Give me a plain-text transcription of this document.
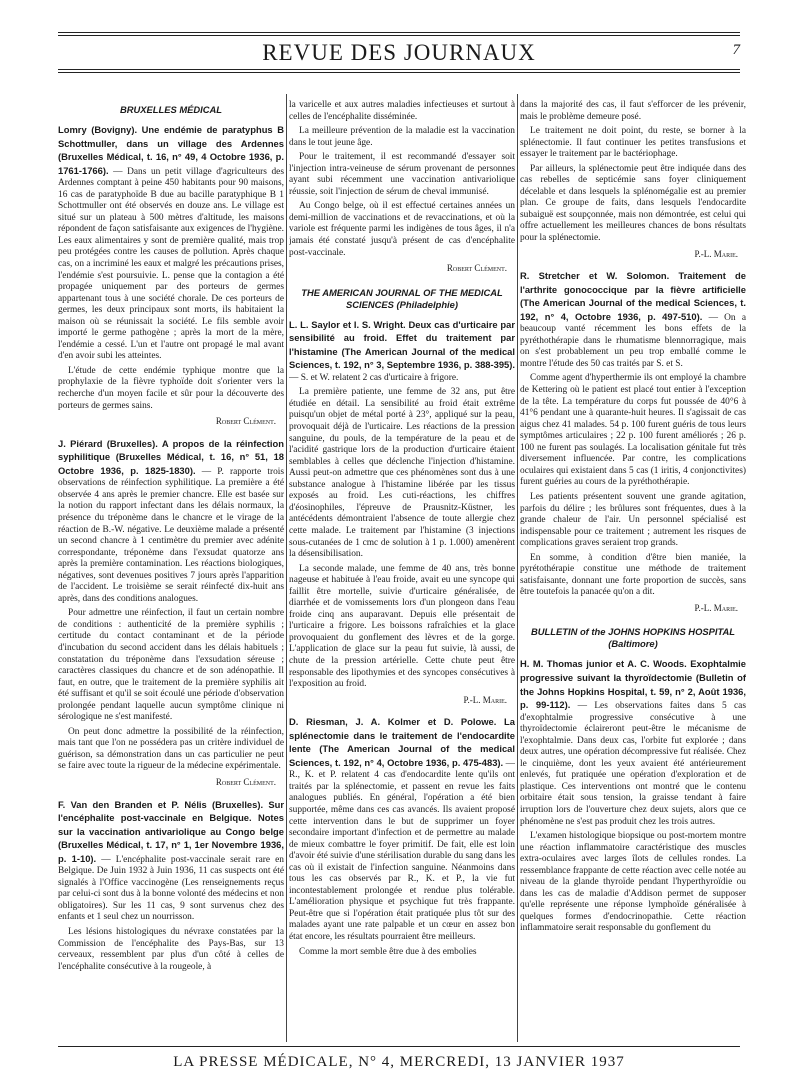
REVUE DES JOURNAUX	7
BRUXELLES MÉDICAL

Lomry (Bovigny). Une endémie de paratyphus B Schottmuller, dans un village des Ardennes (Bruxelles Médical, t. 16, n° 49, 4 Octobre 1936, p. 1761-1766). — Dans un petit village d'agriculteurs des Ardennes comptant à peine 450 habitants pour 90 maisons, 16 cas de paratyphoïde B due au bacille paratyphique B 1 Schottmuller ont été observés en douze ans. Le village est situé sur un plateau à 500 mètres d'altitude, les maisons répondent de façon satisfaisante aux exigences de l'hygiène. Les eaux alimentaires y sont de première qualité, mais trop peu protégées contre les causes de pollution. Après chaque cas, on a incriminé les eaux et malgré les précautions prises, l'endémie s'est poursuivie. L. pense que la contagion a été propagée uniquement par des porteurs de germes appartenant tous à une société chorale. De ces porteurs de germes, les deux principaux sont morts, ils habitaient la maison où se réunissait la société. Le fils semble avoir importé le germe pathogène ; après la mort de la mère, l'endémie a cessé. L'un et l'autre ont propagé le mal avant d'en avoir subi les atteintes.

L'étude de cette endémie typhique montre que la prophylaxie de la fièvre typhoïde doit s'orienter vers la recherche d'un moyen facile et sûr pour la découverte des porteurs de germes sains.

Robert Clément.

J. Piérard (Bruxelles). A propos de la réinfection syphilitique (Bruxelles Médical, t. 16, n° 51, 18 Octobre 1936, p. 1825-1830). — P. rapporte trois observations de réinfection syphilitique. La première a été observée 4 ans après le premier chancre. Elle est basée sur la notion du rapport infectant dans les délais normaux, la présence du tréponème dans le chancre et le virage de la réaction de B.-W. négative. Le deuxième malade a présenté un second chancre à 1 centimètre du premier avec adénite correspondante, tréponème dans l'exsudat quatorze ans après la première contamination. Les réactions biologiques, négatives, sont devenues positives 7 jours après l'apparition de l'accident. Le troisième se serait réinfecté dix-huit ans après, dans des conditions analogues.

Pour admettre une réinfection, il faut un certain nombre de conditions : authenticité de la première syphilis ; certitude du contact contaminant et de la période d'incubation du second accident dans les délais habituels ; constatation du tréponème dans l'exsudation séreuse ; caractères classiques du chancre et de son adénopathie. Il faut, en outre, que le traitement de la première syphilis ait été suffisant et qu'il se soit écoulé une période d'observation prolongée pendant laquelle aucun symptôme clinique ni sérologique ne s'est manifesté.

On peut donc admettre la possibilité de la réinfection, mais tant que l'on ne possédera pas un critère individuel de guérison, sa démonstration dans un cas particulier ne peut se faire avec toute la rigueur de la médecine expérimentale.

Robert Clément.

F. Van den Branden et P. Nélis (Bruxelles). Sur l'encéphalite post-vaccinale en Belgique. Notes sur la vaccination antivariolique au Congo belge (Bruxelles Médical, t. 17, n° 1, 1er Novembre 1936, p. 1-10). — L'encéphalite post-vaccinale serait rare en Belgique. De Juin 1932 à Juin 1936, 11 cas suspects ont été signalés à l'Office vaccinogène (Les renseignements reçus par celui-ci sont dus à la bonne volonté des médecins et non obligatoires). Sur les 11 cas, 9 sont survenus chez des enfants et 1 seul chez un nourrisson.

Les lésions histologiques du névraxe constatées par la Commission de l'encéphalite des Pays-Bas, sur 13 cerveaux, ressemblent par plus d'un côté à celles de l'encéphalite consécutive à la rougeole, à

la varicelle et aux autres maladies infectieuses et surtout à celles de l'encéphalite disséminée.

La meilleure prévention de la maladie est la vaccination dans le tout jeune âge.

Pour le traitement, il est recommandé d'essayer soit l'injection intra-veineuse de sérum provenant de personnes ayant subi récemment une vaccination antivariolique réussie, soit l'injection de sérum de cheval immunisé.

Au Congo belge, où il est effectué certaines années un demi-million de vaccinations et de revaccinations, et où la variole est fréquente parmi les indigènes de tous âges, il n'a jamais été constaté jusqu'à présent de cas d'encéphalite post-vaccinale.

Robert Clément.
THE AMERICAN JOURNAL OF THE MEDICAL SCIENCES (Philadelphie)

L. L. Saylor et I. S. Wright. Deux cas d'urticaire par sensibilité au froid. Effet du traitement par l'histamine (The American Journal of the medical Sciences, t. 192, n° 3, Septembre 1936, p. 388-395). — S. et W. relatent 2 cas d'urticaire à frigore.

La première patiente, une femme de 32 ans, put être étudiée en détail. La sensibilité au froid était extrême puisqu'un objet de métal porté à 23°, appliqué sur la peau, provoquait déjà de l'urticaire. Les réactions de la pression sanguine, du pouls, de la température de la peau et de l'acidité gastrique lors de la production d'urticaire étaient semblables à celles que déclenche l'injection d'histamine. Aussi peut-on admettre que ces phénomènes sont dus à une substance analogue à l'histamine libérée par les tissus exposés au froid. Les cuti-réactions, les chiffres d'éosinophiles, l'épreuve de Prausnitz-Küstner, les antécédents démontraient l'absence de toute allergie chez cette malade. Le traitement par l'histamine (3 injections sous-cutanées de 1 cmc de solution à 1 p. 1.000) amenèrent la désensibilisation.

La seconde malade, une femme de 40 ans, très bonne nageuse et habituée à l'eau froide, avait eu une syncope qui faillit être mortelle, suivie d'urticaire généralisée, de diarrhée et de vomissements lors d'un plongeon dans l'eau froide cinq ans auparavant. Depuis elle présentait de l'urticaire a frigore. Les boissons rafraîchies et la glace provoquaient du gonflement des lèvres et de la gorge. L'application de glace sur la peau fut suivie, là aussi, de chute de la pression artérielle. Cette chute peut être responsable des lipothymies et des syncopes consécutives à l'exposition au froid.

P.-L. Marie.

D. Riesman, J. A. Kolmer et D. Polowe. La splénectomie dans le traitement de l'endocardite lente (The American Journal of the medical Sciences, t. 192, n° 4, Octobre 1936, p. 475-483). — R., K. et P. relatent 4 cas d'endocardite lente qu'ils ont traités par la splénectomie, et passent en revue les faits analogues publiés. En général, l'opération a été bien supportée, même dans ces cas avancés. Ils avaient proposé cette intervention dans le but de supprimer un foyer secondaire important d'infection et de permettre au malade de mieux combattre le foyer primitif. De fait, elle est loin d'avoir été suivie d'une stérilisation durable du sang dans les cas où il existait de l'infection sanguine. Néanmoins dans tous les cas observés par R., K. et P., la vie fut incontestablement prolongée et rendue plus tolérable. L'amélioration physique et psychique fut très frappante. Peut-être que si l'opération était pratiquée plus tôt sur des malades ayant une rate palpable et un cœur en assez bon état encore, les résultats pourraient être meilleurs.

Comme la mort semble être due à des embolies

dans la majorité des cas, il faut s'efforcer de les prévenir, mais le problème demeure posé.

Le traitement ne doit point, du reste, se borner à la splénectomie. Il faut continuer les petites transfusions et essayer le traitement par le bactériophage.

Par ailleurs, la splénectomie peut être indiquée dans des cas rebelles de septicémie sans foyer cliniquement décelable et dans lesquels la splénomégalie est au premier plan. Ce groupe de faits, dans lesquels l'endocardite subaiguë est soupçonnée, mais non démontrée, est celui qui offre actuellement les meilleures chances de bons résultats pour la splénectomie.

P.-L. Marie.

R. Stretcher et W. Solomon. Traitement de l'arthrite gonococcique par la fièvre artificielle (The American Journal of the medical Sciences, t. 192, n° 4, Octobre 1936, p. 497-510). — On a beaucoup vanté récemment les bons effets de la pyréthothérapie dans le rhumatisme blennorragique, mais on s'est probablement un peu trop emballé comme le montre l'étude des 50 cas traités par S. et S.

Comme agent d'hyperthermie ils ont employé la chambre de Kettering où le patient est placé tout entier à l'exception de la tête. La température du corps fut poussée de 40°6 à 41°6 pendant une à quarante-huit heures. Il s'agissait de cas aigus chez 41 malades. 54 p. 100 furent guéris de tous leurs symptômes articulaires ; 22 p. 100 furent améliorés ; 26 p. 100 ne furent pas soulagés. La localisation génitale fut très diversement influencée. Par contre, les complications oculaires qui existaient dans 5 cas (1 iritis, 4 conjonctivites) furent guéries au cours de la pyréthothérapie.

Les patients présentent souvent une grande agitation, parfois du délire ; les brûlures sont fréquentes, dues à la grande chaleur de l'air. Un personnel spécialisé est indispensable pour ce traitement ; autrement les risques de complications graves seraient trop grands.

En somme, à condition d'être bien maniée, la pyrétothérapie constitue une méthode de traitement satisfaisante, donnant une forte proportion de succès, sans être toutefois la panacée qu'on a dit.

P.-L. Marie.
BULLETIN of the JOHNS HOPKINS HOSPITAL (Baltimore)

H. M. Thomas junior et A. C. Woods. Exophtalmie progressive suivant la thyroïdectomie (Bulletin of the Johns Hopkins Hospital, t. 59, n° 2, Août 1936, p. 99-112). — Les observations faites dans 5 cas d'exophtalmie progressive consécutive à une thyroïdectomie éclaireront peut-être le mécanisme de l'exophtalmie. Dans deux cas, l'orbite fut explorée ; dans deux autres, une opération décompressive fut réalisée. Chez le cinquième, dont les yeux avaient été antérieurement enlevés, fut pratiquée une opération d'exploration et de plastique. Ces interventions ont montré que le contenu orbitaire était sous tension, la graisse tendant à faire irruption lors de l'ouverture chez deux sujets, alors que ce phénomène ne s'est pas produit chez les trois autres.

L'examen histologique biopsique ou post-mortem montre une réaction inflammatoire caractéristique des muscles extra-oculaires avec larges îlots de cellules rondes. La ressemblance frappante de cette réaction avec celle notée au niveau de la glande thyroïde pendant l'hyperthyroïdie ou dans les cas de maladie d'Addison permet de supposer qu'elle représente une réponse lymphoïde généralisée à quelques formes d'endocrinopathie. Cette réaction inflammatoire serait responsable du gonflement du

LA PRESSE MÉDICALE, N° 4, MERCREDI, 13 JANVIER 1937
